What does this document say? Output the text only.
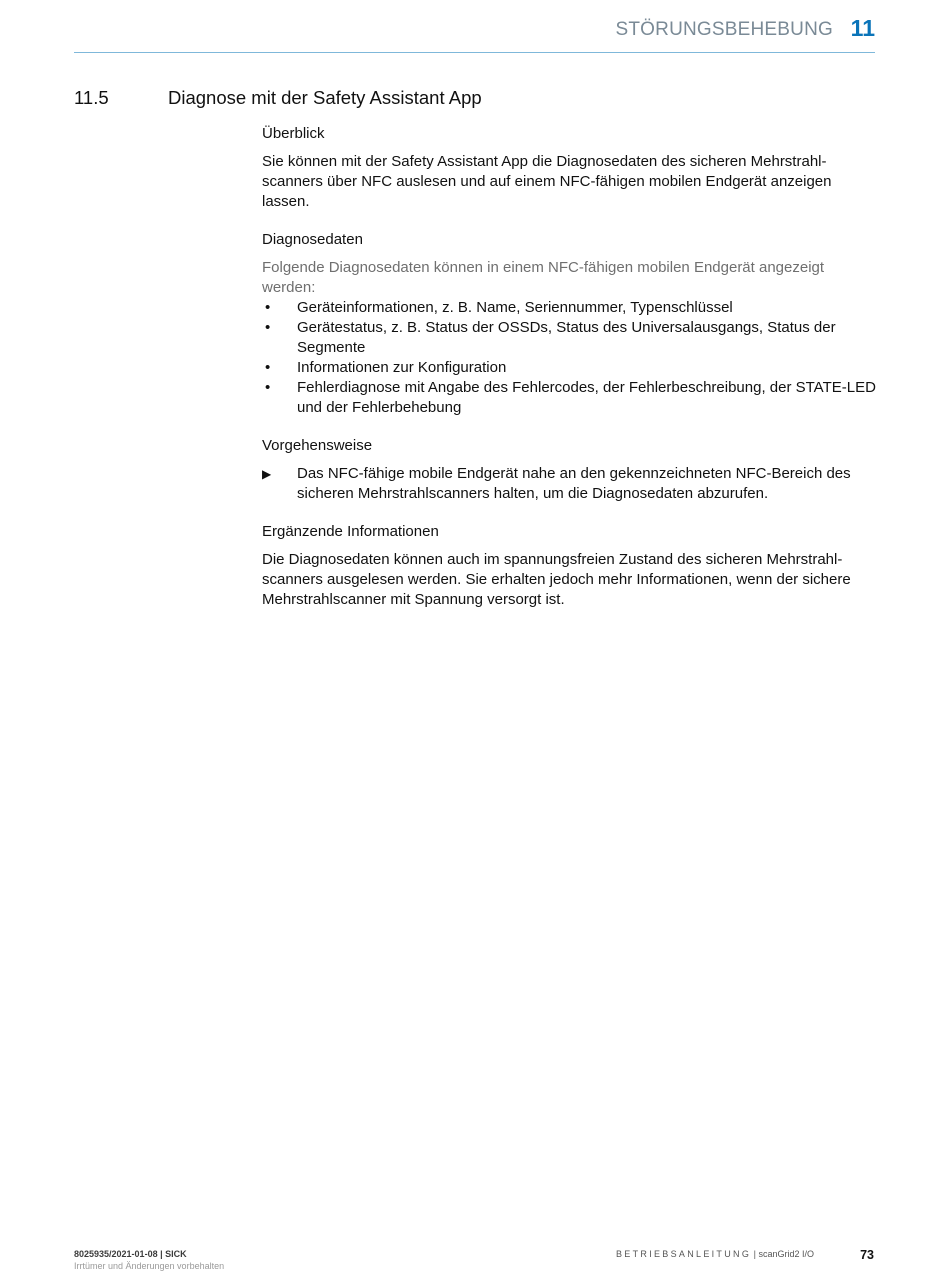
STÖRUNGSBEHEBUNG 11
11.5	Diagnose mit der Safety Assistant App
Überblick
Sie können mit der Safety Assistant App die Diagnosedaten des sicheren Mehrstrahlscanners über NFC auslesen und auf einem NFC-fähigen mobilen Endgerät anzeigen lassen.
Diagnosedaten
Folgende Diagnosedaten können in einem NFC-fähigen mobilen Endgerät angezeigt werden:
• Geräteinformationen, z. B. Name, Seriennummer, Typenschlüssel
• Gerätestatus, z. B. Status der OSSDs, Status des Universalausgangs, Status der Segmente
• Informationen zur Konfiguration
• Fehlerdiagnose mit Angabe des Fehlercodes, der Fehlerbeschreibung, der STATE-LED und der Fehlerbehebung
Vorgehensweise
▶ Das NFC-fähige mobile Endgerät nahe an den gekennzeichneten NFC-Bereich des sicheren Mehrstrahlscanners halten, um die Diagnosedaten abzurufen.
Ergänzende Informationen
Die Diagnosedaten können auch im spannungsfreien Zustand des sicheren Mehrstrahlscanners ausgelesen werden. Sie erhalten jedoch mehr Informationen, wenn der sichere Mehrstrahlscanner mit Spannung versorgt ist.
8025935/2021-01-08 | SICK
Irrtümer und Änderungen vorbehalten
BETRIEBSANLEITUNG | scanGrid2 I/O	73
